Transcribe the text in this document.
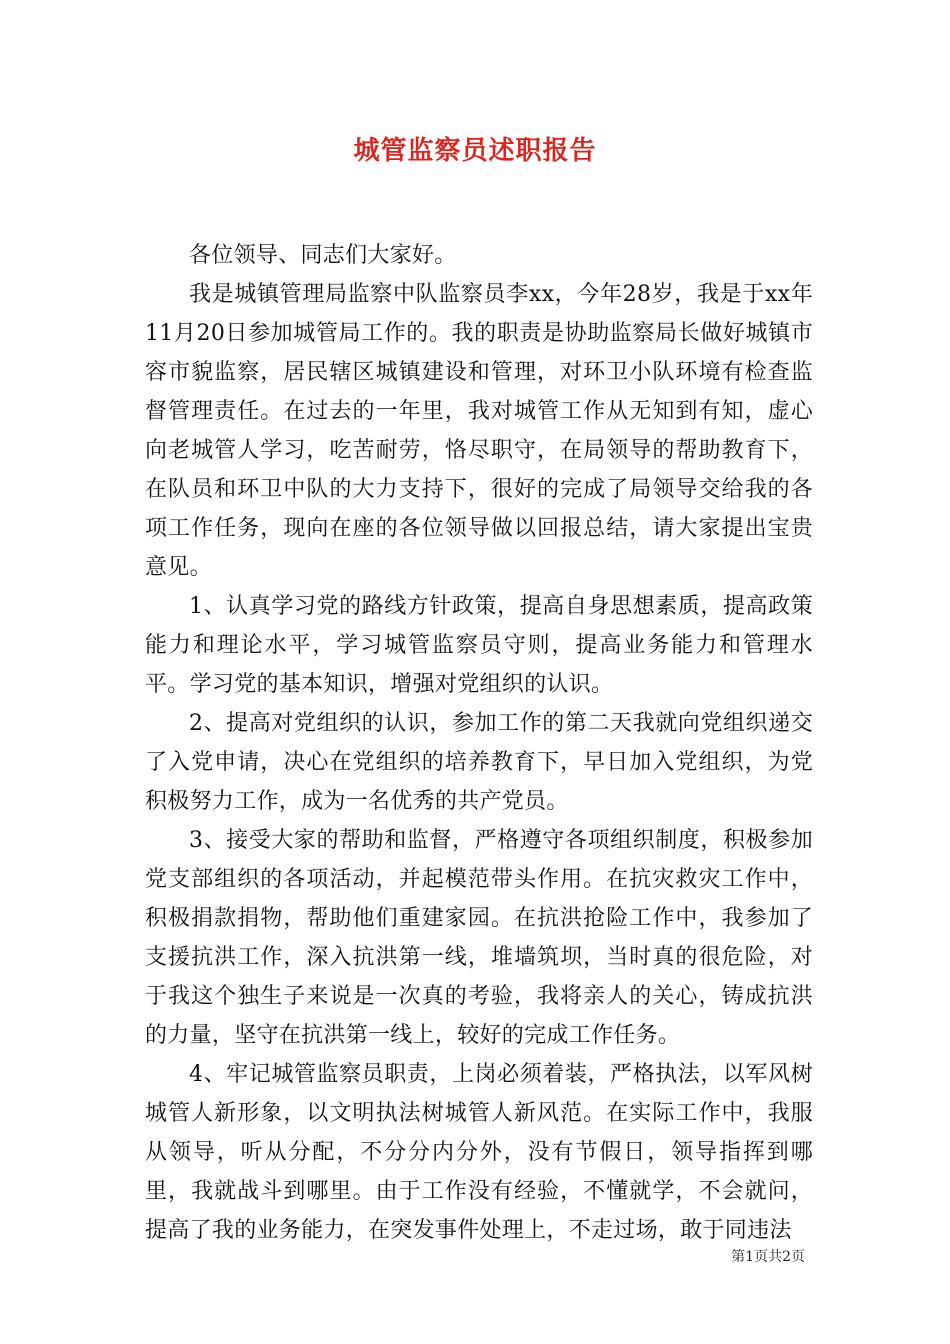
城管监察员述职报告

各位领导、同志们大家好。

我是城镇管理局监察中队监察员李xx，今年28岁，我是于xx年11月20日参加城管局工作的。我的职责是协助监察局长做好城镇市容市貌监察，居民辖区城镇建设和管理，对环卫小队环境有检查监督管理责任。在过去的一年里，我对城管工作从无知到有知，虚心向老城管人学习，吃苦耐劳，恪尽职守，在局领导的帮助教育下，在队员和环卫中队的大力支持下，很好的完成了局领导交给我的各项工作任务，现向在座的各位领导做以回报总结，请大家提出宝贵意见。

1、认真学习党的路线方针政策，提高自身思想素质，提高政策能力和理论水平，学习城管监察员守则，提高业务能力和管理水平。学习党的基本知识，增强对党组织的认识。

2、提高对党组织的认识，参加工作的第二天我就向党组织递交了入党申请，决心在党组织的培养教育下，早日加入党组织，为党积极努力工作，成为一名优秀的共产党员。

3、接受大家的帮助和监督，严格遵守各项组织制度，积极参加党支部组织的各项活动，并起模范带头作用。在抗灾救灾工作中，积极捐款捐物，帮助他们重建家园。在抗洪抢险工作中，我参加了支援抗洪工作，深入抗洪第一线，堆墙筑坝，当时真的很危险，对于我这个独生子来说是一次真的考验，我将亲人的关心，铸成抗洪的力量，坚守在抗洪第一线上，较好的完成工作任务。

4、牢记城管监察员职责，上岗必须着装，严格执法，以军风树城管人新形象，以文明执法树城管人新风范。在实际工作中，我服从领导，听从分配，不分分内分外，没有节假日，领导指挥到哪里，我就战斗到哪里。由于工作没有经验，不懂就学，不会就问，提高了我的业务能力，在突发事件处理上，不走过场，敢于同违法

第1页共2页
